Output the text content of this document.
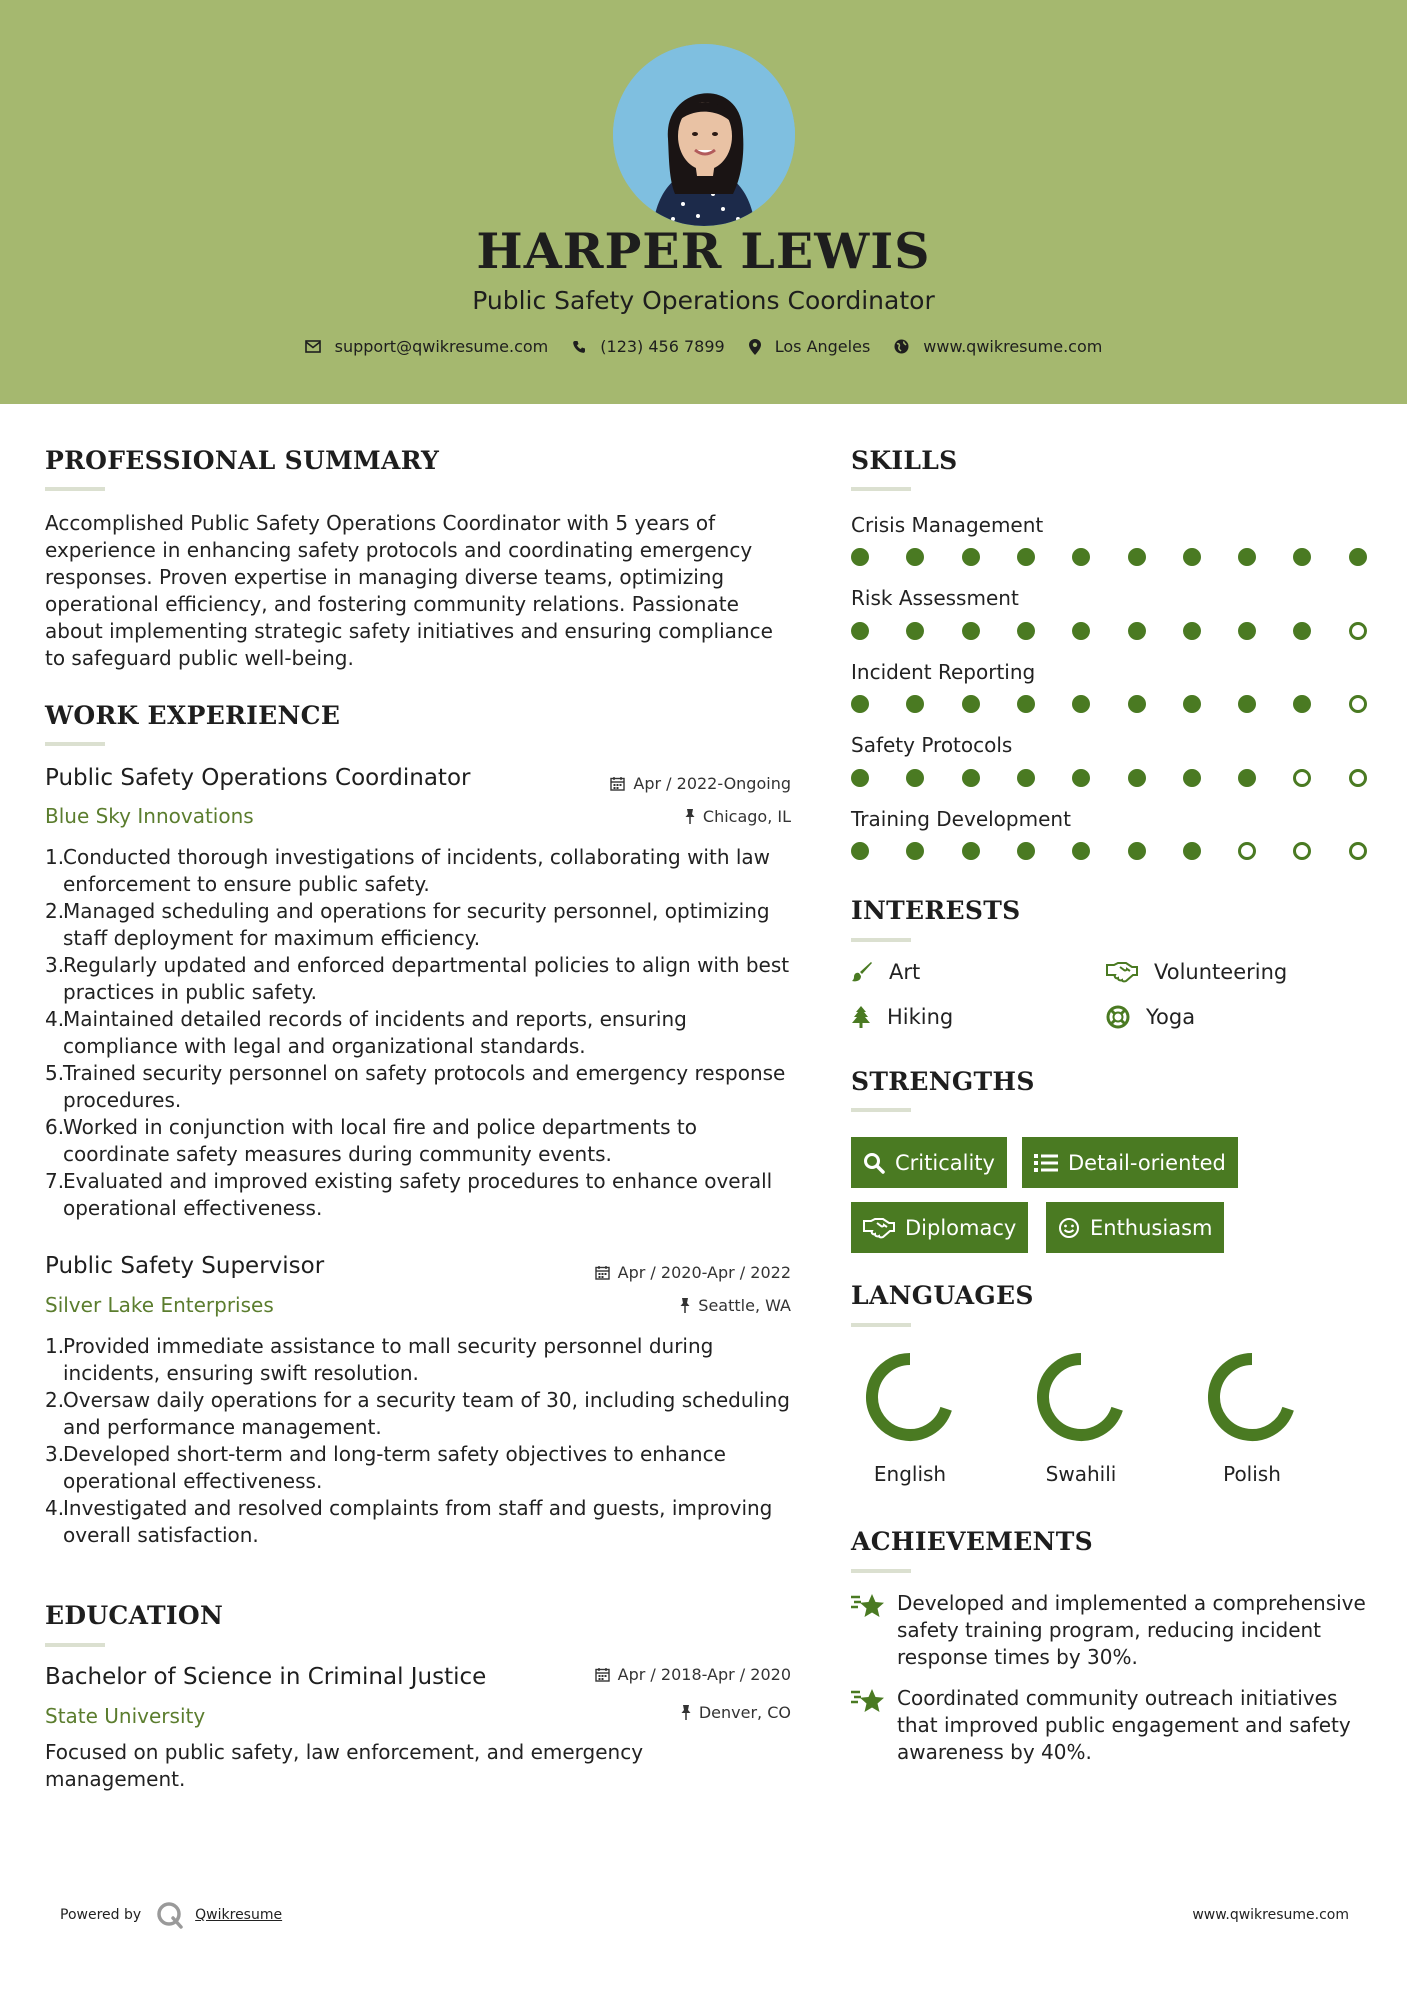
HARPER LEWIS
Public Safety Operations Coordinator
support@qwikresume.com	(123) 456 7899	Los Angeles	www.qwikresume.com
PROFESSIONAL SUMMARY
Accomplished Public Safety Operations Coordinator with 5 years of experience in enhancing safety protocols and coordinating emergency responses. Proven expertise in managing diverse teams, optimizing operational efficiency, and fostering community relations. Passionate about implementing strategic safety initiatives and ensuring compliance to safeguard public well-being.
WORK EXPERIENCE
Public Safety Operations Coordinator	Apr / 2022-Ongoing
Blue Sky Innovations	Chicago, IL
1.
Conducted thorough investigations of incidents, collaborating with law enforcement to ensure public safety.
2.
Managed scheduling and operations for security personnel, optimizing staff deployment for maximum efficiency.
3.
Regularly updated and enforced departmental policies to align with best practices in public safety.
4.
Maintained detailed records of incidents and reports, ensuring compliance with legal and organizational standards.
5.
Trained security personnel on safety protocols and emergency response procedures.
6.
Worked in conjunction with local fire and police departments to coordinate safety measures during community events.
7.
Evaluated and improved existing safety procedures to enhance overall operational effectiveness.
Public Safety Supervisor	Apr / 2020-Apr / 2022
Silver Lake Enterprises	Seattle, WA
1.
Provided immediate assistance to mall security personnel during incidents, ensuring swift resolution.
2.
Oversaw daily operations for a security team of 30, including scheduling and performance management.
3.
Developed short-term and long-term safety objectives to enhance operational effectiveness.
4.
Investigated and resolved complaints from staff and guests, improving overall satisfaction.
EDUCATION
Bachelor of Science in Criminal Justice	Apr / 2018-Apr / 2020
State University	Denver, CO
Focused on public safety, law enforcement, and emergency management.
SKILLS
Crisis Management
Risk Assessment
Incident Reporting
Safety Protocols
Training Development
INTERESTS
Art	Volunteering
Hiking	Yoga
STRENGTHS
Criticality	Detail-oriented
Diplomacy	Enthusiasm
LANGUAGES
English	Swahili	Polish
ACHIEVEMENTS
Developed and implemented a comprehensive safety training program, reducing incident response times by 30%.
Coordinated community outreach initiatives that improved public engagement and safety awareness by 40%.
Powered by	Qwikresume	www.qwikresume.com
